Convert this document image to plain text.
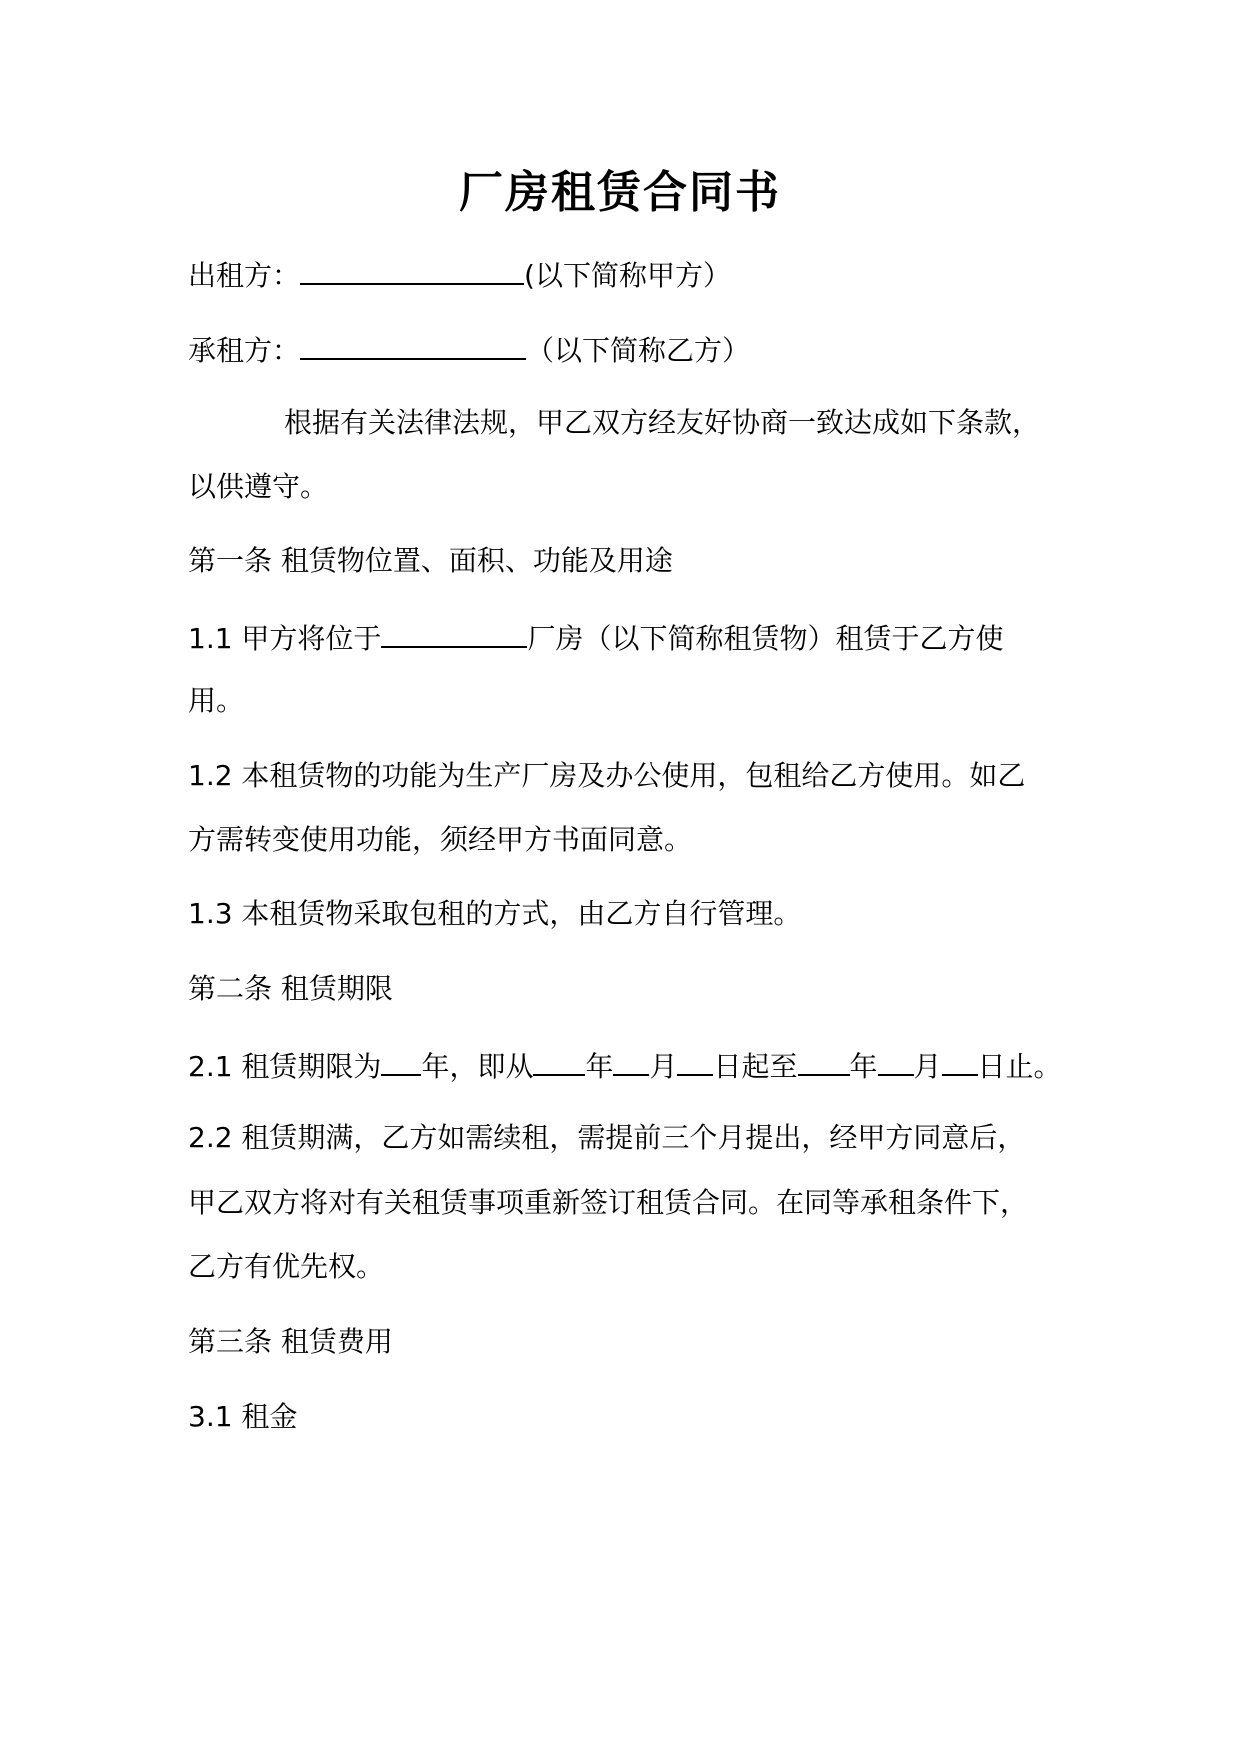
厂房租赁合同书
出租方：	(以下简称甲方）
承租方：	（以下简称乙方）
根据有关法律法规，甲乙双方经友好协商一致达成如下条款，
以供遵守。
第一条 租赁物位置、面积、功能及用途
1.1 甲方将位于	厂房（以下简称租赁物）租赁于乙方使
用。
1.2 本租赁物的功能为生产厂房及办公使用，包租给乙方使用。如乙
方需转变使用功能，须经甲方书面同意。
1.3 本租赁物采取包租的方式，由乙方自行管理。
第二条 租赁期限
2.1 租赁期限为 年，即从 年 月 日起至 年 月 日止。
2.2 租赁期满，乙方如需续租，需提前三个月提出，经甲方同意后，
甲乙双方将对有关租赁事项重新签订租赁合同。在同等承租条件下，
乙方有优先权。
第三条 租赁费用
3.1 租金
